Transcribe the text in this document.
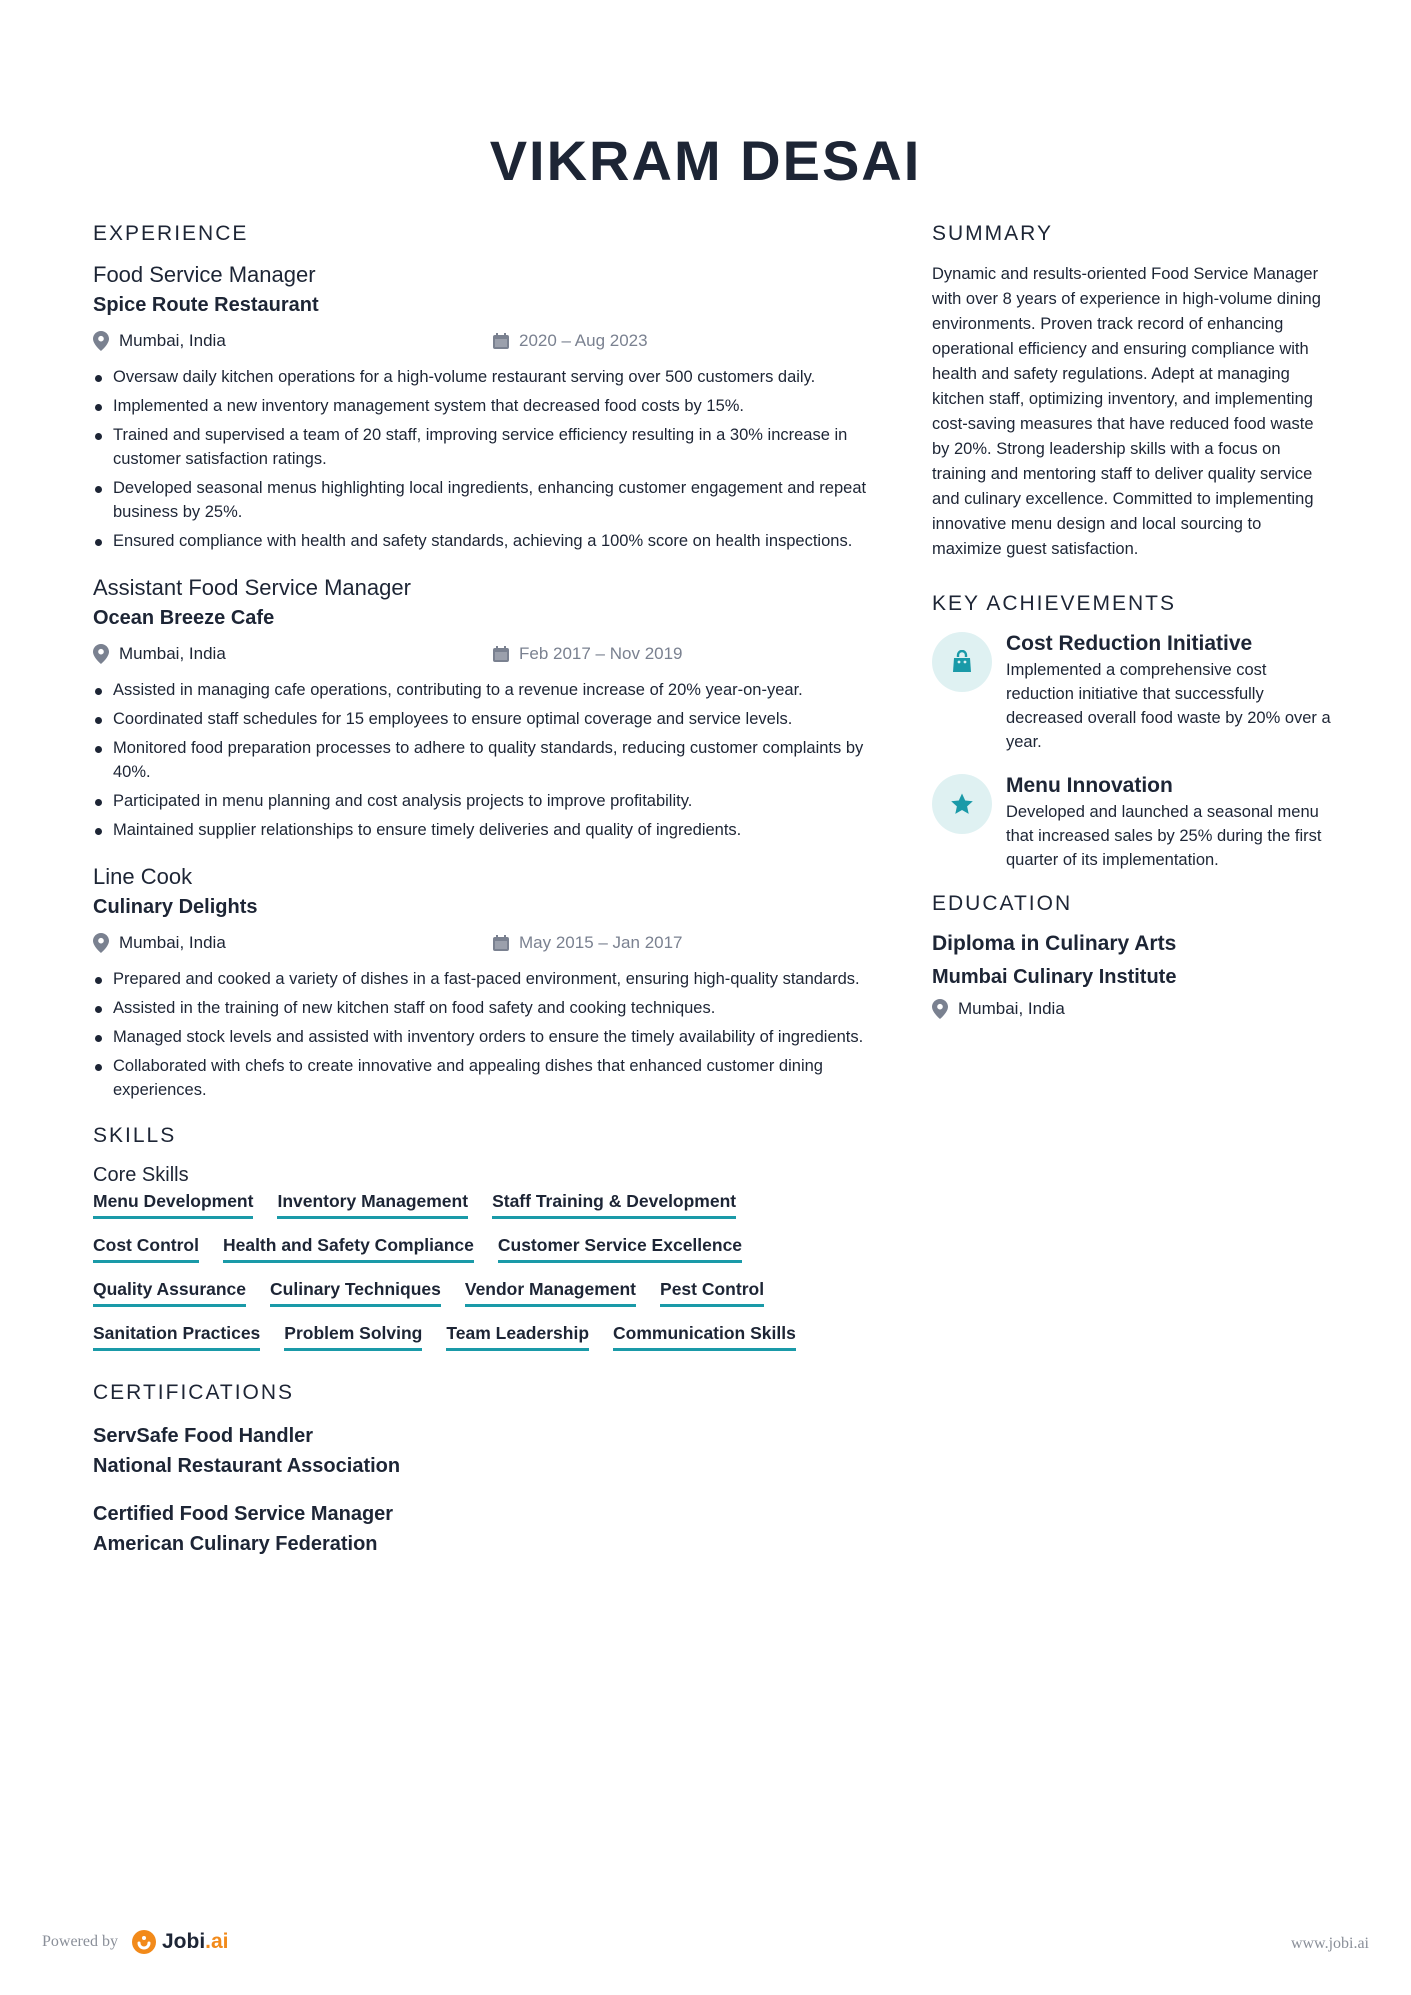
VIKRAM DESAI
EXPERIENCE
Food Service Manager
Spice Route Restaurant
Mumbai, India	2020 – Aug 2023
Oversaw daily kitchen operations for a high-volume restaurant serving over 500 customers daily.
Implemented a new inventory management system that decreased food costs by 15%.
Trained and supervised a team of 20 staff, improving service efficiency resulting in a 30% increase in customer satisfaction ratings.
Developed seasonal menus highlighting local ingredients, enhancing customer engagement and repeat business by 25%.
Ensured compliance with health and safety standards, achieving a 100% score on health inspections.
Assistant Food Service Manager
Ocean Breeze Cafe
Mumbai, India	Feb 2017 – Nov 2019
Assisted in managing cafe operations, contributing to a revenue increase of 20% year-on-year.
Coordinated staff schedules for 15 employees to ensure optimal coverage and service levels.
Monitored food preparation processes to adhere to quality standards, reducing customer complaints by 40%.
Participated in menu planning and cost analysis projects to improve profitability.
Maintained supplier relationships to ensure timely deliveries and quality of ingredients.
Line Cook
Culinary Delights
Mumbai, India	May 2015 – Jan 2017
Prepared and cooked a variety of dishes in a fast-paced environment, ensuring high-quality standards.
Assisted in the training of new kitchen staff on food safety and cooking techniques.
Managed stock levels and assisted with inventory orders to ensure the timely availability of ingredients.
Collaborated with chefs to create innovative and appealing dishes that enhanced customer dining experiences.
SKILLS
Core Skills
Menu Development Inventory Management Staff Training & Development
Cost Control Health and Safety Compliance Customer Service Excellence
Quality Assurance Culinary Techniques Vendor Management Pest Control
Sanitation Practices Problem Solving Team Leadership Communication Skills
CERTIFICATIONS
ServSafe Food Handler
National Restaurant Association
Certified Food Service Manager
American Culinary Federation
SUMMARY

Dynamic and results-oriented Food Service Manager with over 8 years of experience in high-volume dining environments. Proven track record of enhancing operational efficiency and ensuring compliance with health and safety regulations. Adept at managing kitchen staff, optimizing inventory, and implementing cost-saving measures that have reduced food waste by 20%. Strong leadership skills with a focus on training and mentoring staff to deliver quality service and culinary excellence. Committed to implementing innovative menu design and local sourcing to maximize guest satisfaction.

KEY ACHIEVEMENTS
Cost Reduction Initiative
Implemented a comprehensive cost reduction initiative that successfully decreased overall food waste by 20% over a year.
Menu Innovation
Developed and launched a seasonal menu that increased sales by 25% during the first quarter of its implementation.
EDUCATION
Diploma in Culinary Arts
Mumbai Culinary Institute
Mumbai, India
Powered by Jobi .ai	www.jobi.ai
